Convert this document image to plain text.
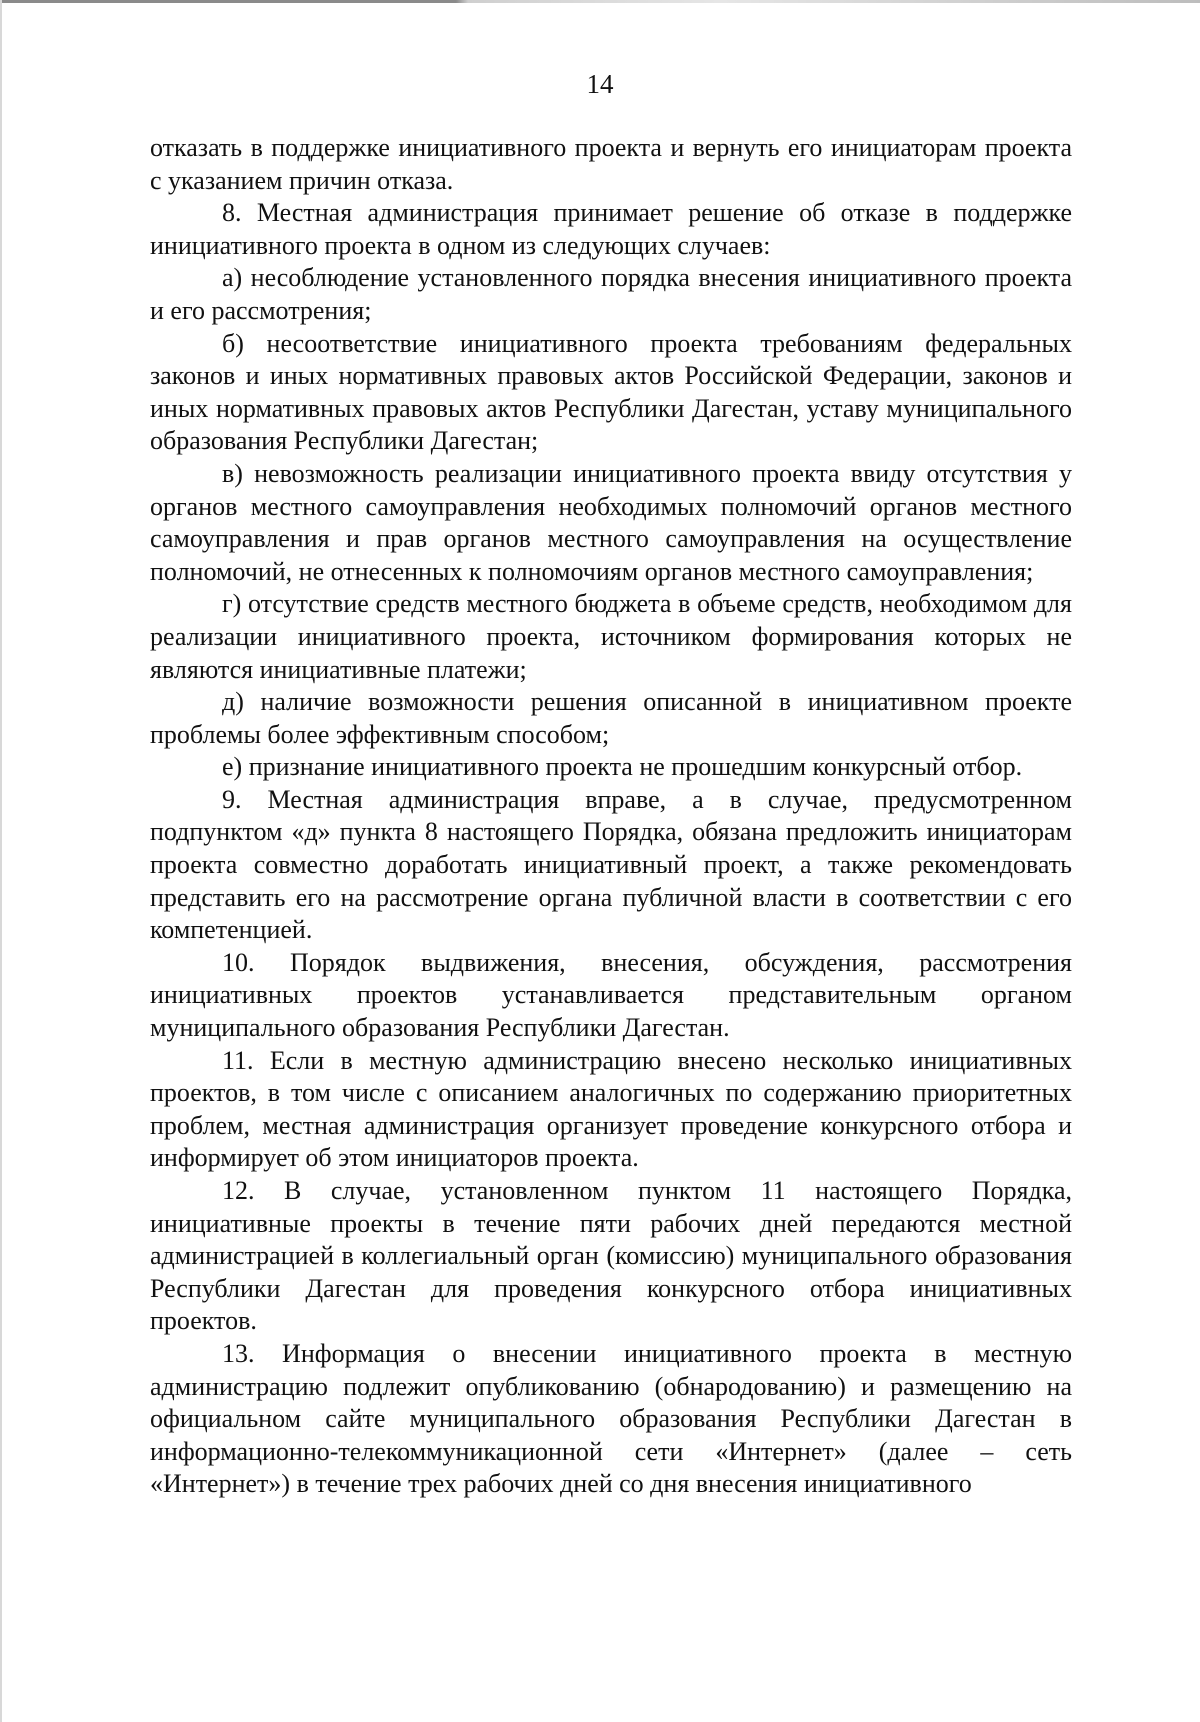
14

отказать в поддержке инициативного проекта и вернуть его инициаторам проекта с указанием причин отказа.

8. Местная администрация принимает решение об отказе в поддержке инициативного проекта в одном из следующих случаев:

а) несоблюдение установленного порядка внесения инициативного проекта и его рассмотрения;

б) несоответствие инициативного проекта требованиям федеральных законов и иных нормативных правовых актов Российской Федерации, законов и иных нормативных правовых актов Республики Дагестан, уставу муниципального образования Республики Дагестан;

в) невозможность реализации инициативного проекта ввиду отсутствия у органов местного самоуправления необходимых полномочий органов местного самоуправления и прав органов местного самоуправления на осуществление полномочий, не отнесенных к полномочиям органов местного самоуправления;

г) отсутствие средств местного бюджета в объеме средств, необходимом для реализации инициативного проекта, источником формирования которых не являются инициативные платежи;

д) наличие возможности решения описанной в инициативном проекте проблемы более эффективным способом;

е) признание инициативного проекта не прошедшим конкурсный отбор.

9. Местная администрация вправе, а в случае, предусмотренном подпунктом «д» пункта 8 настоящего Порядка, обязана предложить инициаторам проекта совместно доработать инициативный проект, а также рекомендовать представить его на рассмотрение органа публичной власти в соответствии с его компетенцией.

10. Порядок выдвижения, внесения, обсуждения, рассмотрения инициативных проектов устанавливается представительным органом муниципального образования Республики Дагестан.

11. Если в местную администрацию внесено несколько инициативных проектов, в том числе с описанием аналогичных по содержанию приоритетных проблем, местная администрация организует проведение конкурсного отбора и информирует об этом инициаторов проекта.

12. В случае, установленном пунктом 11 настоящего Порядка, инициативные проекты в течение пяти рабочих дней передаются местной администрацией в коллегиальный орган (комиссию) муниципального образования Республики Дагестан для проведения конкурсного отбора инициативных проектов.

13. Информация о внесении инициативного проекта в местную администрацию подлежит опубликованию (обнародованию) и размещению на официальном сайте муниципального образования Республики Дагестан в информационно-телекоммуникационной сети «Интернет» (далее – сеть «Интернет») в течение трех рабочих дней со дня внесения инициативного
